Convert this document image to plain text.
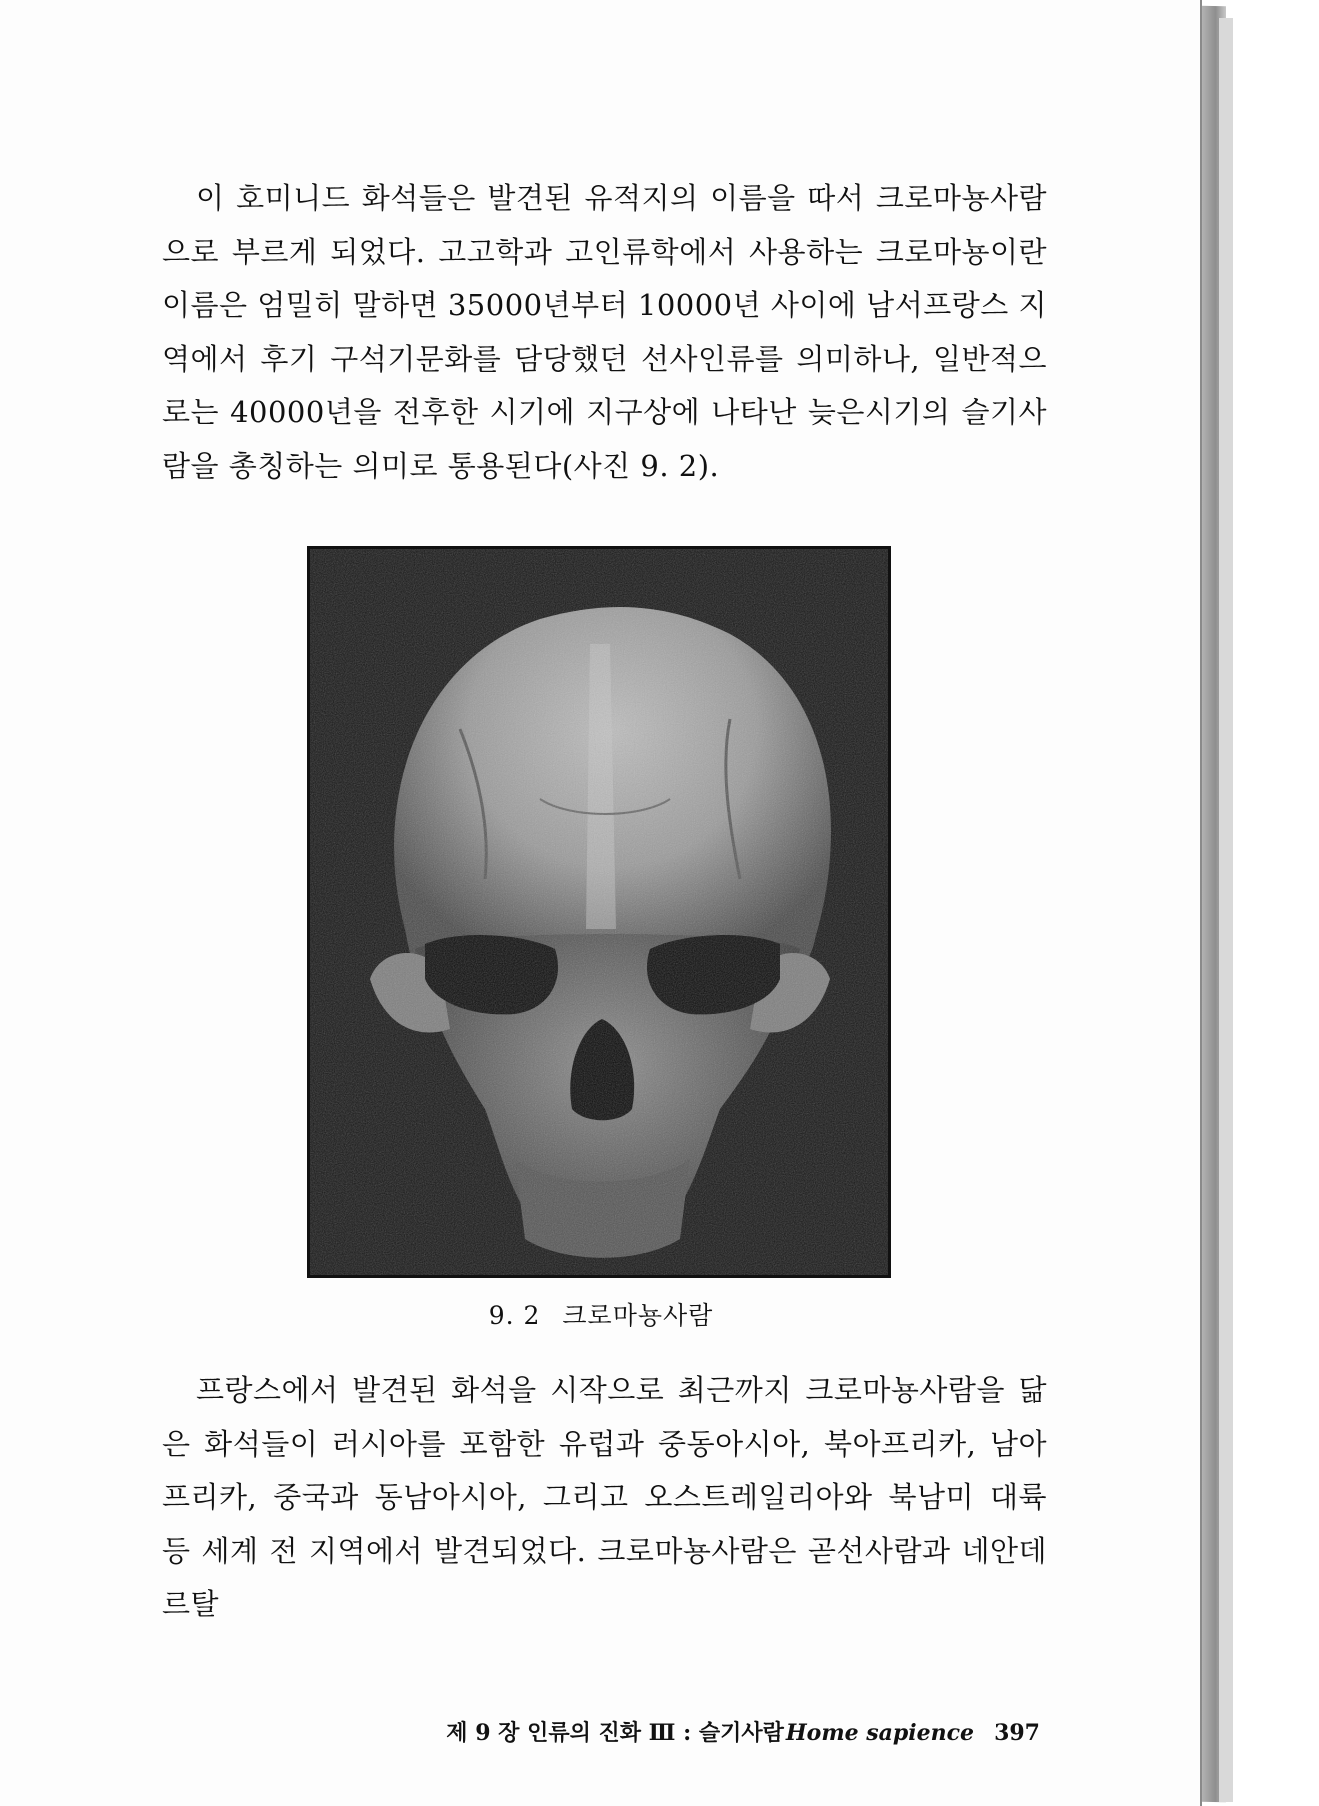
이 호미니드 화석들은 발견된 유적지의 이름을 따서 크로마뇽사람으로 부르게 되었다. 고고학과 고인류학에서 사용하는 크로마뇽이란 이름은 엄밀히 말하면 35000년부터 10000년 사이에 남서프랑스 지역에서 후기 구석기문화를 담당했던 선사인류를 의미하나, 일반적으로는 40000년을 전후한 시기에 지구상에 나타난 늦은시기의 슬기사람을 총칭하는 의미로 통용된다(사진 9. 2).

9. 2 크로마뇽사람

프랑스에서 발견된 화석을 시작으로 최근까지 크로마뇽사람을 닮은 화석들이 러시아를 포함한 유럽과 중동아시아, 북아프리카, 남아프리카, 중국과 동남아시아, 그리고 오스트레일리아와 북남미 대륙 등 세계 전 지역에서 발견되었다. 크로마뇽사람은 곧선사람과 네안데르탈

제 9 장 인류의 진화 Ⅲ : 슬기사람Home sapience 397
